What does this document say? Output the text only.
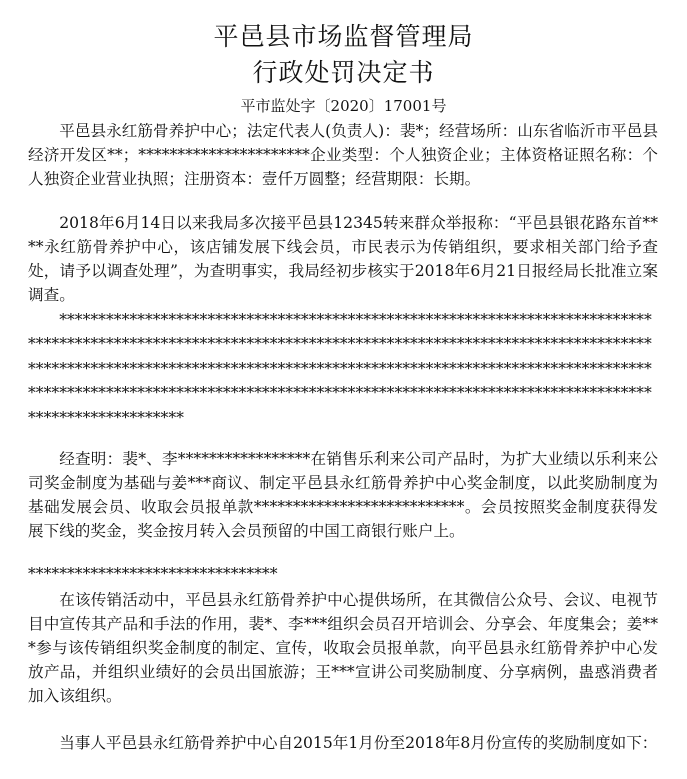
平邑县市场监督管理局
行政处罚决定书
平市监处字〔2020〕17001号

平邑县永红筋骨养护中心；法定代表人(负责人)：裴*；经营场所：山东省临沂市平邑县经济开发区**；**********************企业类型：个人独资企业；主体资格证照名称：个人独资企业营业执照；注册资本：壹仟万圆整；经营期限：长期。

2018年6月14日以来我局多次接平邑县12345转来群众举报称：“平邑县银花路东首****永红筋骨养护中心，该店铺发展下线会员，市民表示为传销组织，要求相关部门给予查处，请予以调查处理”，为查明事实，我局经初步核实于2018年6月21日报经局长批准立案调查。

************************************************************************************************************************************************************************************************************************************************************************************************************************************************

经查明：裴*、李*****************在销售乐利来公司产品时，为扩大业绩以乐利来公司奖金制度为基础与姜***商议、制定平邑县永红筋骨养护中心奖金制度，以此奖励制度为基础发展会员、收取会员报单款***************************。会员按照奖金制度获得发展下线的奖金，奖金按月转入会员预留的中国工商银行账户上。

********************************

在该传销活动中，平邑县永红筋骨养护中心提供场所，在其微信公众号、会议、电视节目中宣传其产品和手法的作用，裴*、李***组织会员召开培训会、分享会、年度集会；姜***参与该传销组织奖金制度的制定、宣传，收取会员报单款，向平邑县永红筋骨养护中心发放产品，并组织业绩好的会员出国旅游；王***宣讲公司奖励制度、分享病例，蛊惑消费者加入该组织。

当事人平邑县永红筋骨养护中心自2015年1月份至2018年8月份宣传的奖励制度如下：
